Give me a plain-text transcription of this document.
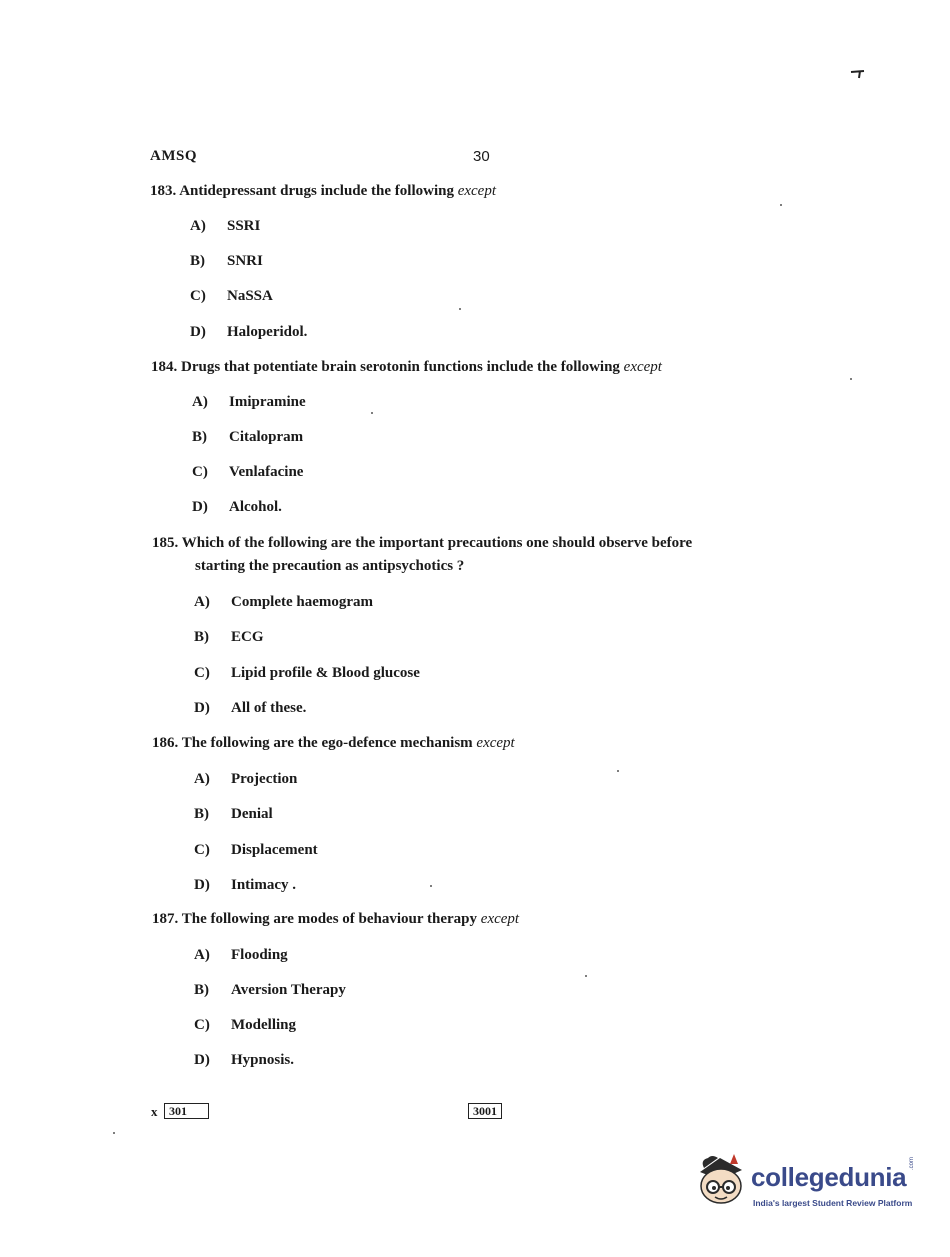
AMSQ	30
183. Antidepressant drugs include the following except
A) SSRI
B) SNRI
C) NaSSA
D) Haloperidol.
184. Drugs that potentiate brain serotonin functions include the following except
A) Imipramine
B) Citalopram
C) Venlafacine
D) Alcohol.
185. Which of the following are the important precautions one should observe before
starting the precaution as antipsychotics ?
A) Complete haemogram
B) ECG
C) Lipid profile & Blood glucose
D) All of these.
186. The following are the ego-defence mechanism except
A) Projection
B) Denial
C) Displacement
D) Intimacy .
187. The following are modes of behaviour therapy except
A) Flooding
B) Aversion Therapy
C) Modelling
D) Hypnosis.
x 301	3001
collegedunia .com
India's largest Student Review Platform
